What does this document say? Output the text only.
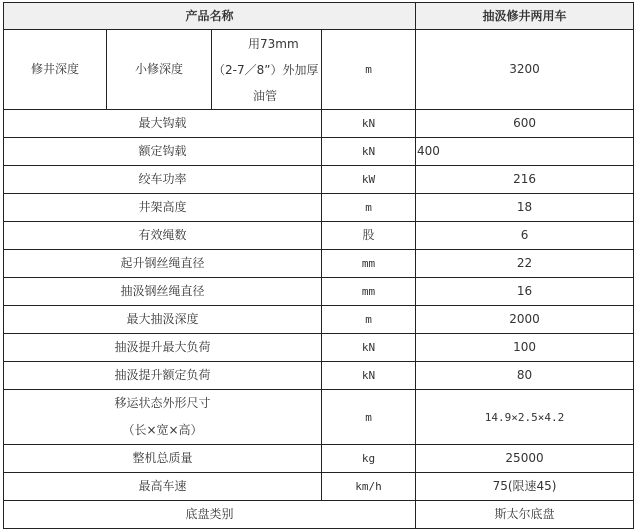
产品名称				抽汲修井两用车
修井深度	小修深度	用73mm
（2-7／8”）外加厚
油管	m	3200
最大钩载			kN	600
额定钩载			kN	400
绞车功率			kW	216
井架高度			m	18
有效绳数			股	6
起升钢丝绳直径			mm	22
抽汲钢丝绳直径			mm	16
最大抽汲深度			m	2000
抽汲提升最大负荷			kN	100
抽汲提升额定负荷			kN	80

移运状态外形尺寸
（长×宽×高）			m	14.9×2.5×4.2
整机总质量			kg	25000
最高车速			km/h	75(限速45)
底盘类别				斯太尔底盘
